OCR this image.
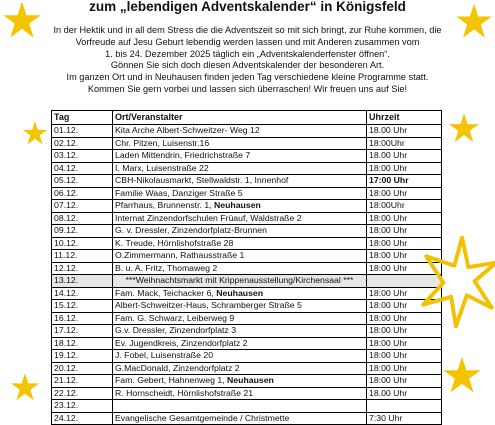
zum „lebendigen Adventskalender“ in Königsfeld
In der Hektik und in all dem Stress die die Adventszeit so mit sich bringt, zur Ruhe kommen, die
Vorfreude auf Jesu Geburt lebendig werden lassen und mit Anderen zusammen vom
1. bis 24. Dezember 2025 täglich ein „Adventskalenderfenster öffnen“.
Gönnen Sie sich doch diesen Adventskalender der besonderen Art.
Im ganzen Ort und in Neuhausen finden jeden Tag verschiedene kleine Programme statt.
Kommen Sie gern vorbei und lassen sich überraschen! Wir freuen uns auf Sie!
Tag	Ort/Veranstalter	Uhrzeit
01.12.	Kita Arche Albert-Schweitzer- Weg 12	18.00 Uhr
02.12.	Chr. Pitzen, Luisenstr.16	18:00Uhr
03.12.	Laden Mittendrin, Friedrichstraße 7	18.00 Uhr
04.12.	I. Marx, Luisenstraße 22	18:00 Uhr
05.12.	CBH-Nikolausmarkt, Stellwaldstr. 1, Innenhof	17:00 Uhr
06.12.	Familie Waas, Danziger Straße 5	18:00 Uhr
07.12.	Pfarrhaus, Brunnenstr. 1, Neuhausen	18:00Uhr
08.12.	Internat Zinzendorfschulen Früauf, Waldstraße 2	18:00 Uhr
09.12.	G. v. Dressler, Zinzendorfplatz-Brunnen	18:00 Uhr
10.12.	K. Treude, Hörnlishofstraße 28	18:00 Uhr
11.12.	O.Zimmermann, Rathausstraße 1	18:00 Uhr
12.12.	B. u. A. Fritz, Thomaweg 2	18:00 Uhr
13.12.	***Weihnachtsmarkt mit Krippenausstellung/Kirchensaal ***	
14.12.	Fam. Mack, Teichacker 6, Neuhausen	18:00 Uhr
15.12.	Albert-Schweitzer-Haus, Schramberger Straße 5	18:00 Uhr
16.12.	Fam. G. Schwarz, Leiberweg 9	18:00 Uhr
17.12.	G.v. Dressler, Zinzendorfplatz 3	18:00 Uhr
18.12.	Ev. Jugendkreis, Zinzendorfplatz 2	18:00 Uhr
19.12.	J. Fobel, Luisenstraße 20	18:00 Uhr
20.12.	G.MacDonald, Zinzendorfplatz 2	18:00 Uhr
21.12.	Fam. Gebert, Hahnenweg 1, Neuhausen	18:00 Uhr
22.12.	R. Hornscheidt, Hörnlishofstraße 21	18.00 Uhr
23.12.		
24.12.	Evangelische Gesamtgemeinde / Christmette	7:30 Uhr
